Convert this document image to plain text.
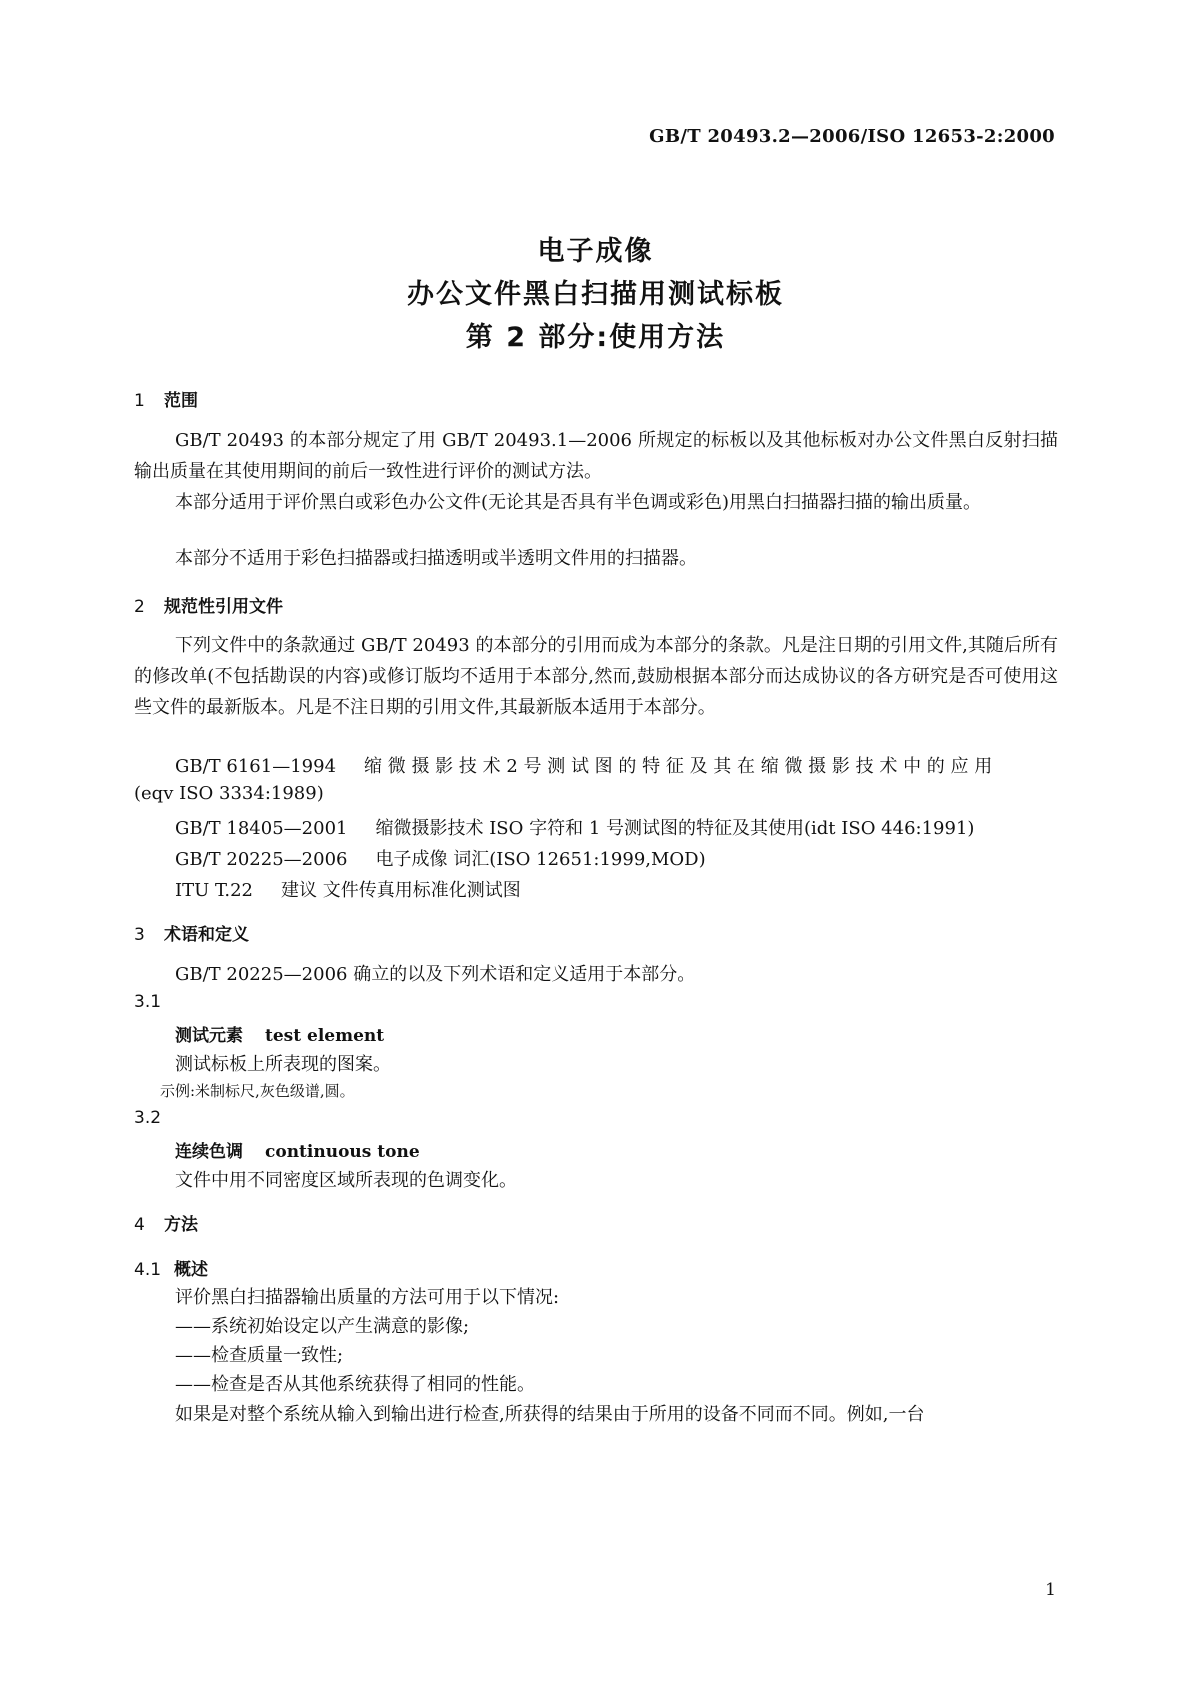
GB/T 20493.2—2006/ISO 12653-2:2000
电子成像
办公文件黑白扫描用测试标板
第 2 部分:使用方法
1 范围
GB/T 20493 的本部分规定了用 GB/T 20493.1—2006 所规定的标板以及其他标板对办公文件黑白反射扫描输出质量在其使用期间的前后一致性进行评价的测试方法。
本部分适用于评价黑白或彩色办公文件(无论其是否具有半色调或彩色)用黑白扫描器扫描的输出质量。
本部分不适用于彩色扫描器或扫描透明或半透明文件用的扫描器。
2 规范性引用文件
下列文件中的条款通过 GB/T 20493 的本部分的引用而成为本部分的条款。凡是注日期的引用文件,其随后所有的修改单(不包括勘误的内容)或修订版均不适用于本部分,然而,鼓励根据本部分而达成协议的各方研究是否可使用这些文件的最新版本。凡是不注日期的引用文件,其最新版本适用于本部分。
GB/T 6161—1994 缩 微 摄 影 技 术 2 号 测 试 图 的 特 征 及 其 在 缩 微 摄 影 技 术 中 的 应 用
(eqv ISO 3334:1989)
GB/T 18405—2001 缩微摄影技术 ISO 字符和 1 号测试图的特征及其使用(idt ISO 446:1991)
GB/T 20225—2006 电子成像 词汇(ISO 12651:1999,MOD)
ITU T.22 建议 文件传真用标准化测试图
3 术语和定义
GB/T 20225—2006 确立的以及下列术语和定义适用于本部分。
3.1
测试元素 test element
测试标板上所表现的图案。
示例:米制标尺,灰色级谱,圆。
3.2
连续色调 continuous tone
文件中用不同密度区域所表现的色调变化。
4 方法
4.1 概述
评价黑白扫描器输出质量的方法可用于以下情况:
——系统初始设定以产生满意的影像;
——检查质量一致性;
——检查是否从其他系统获得了相同的性能。
如果是对整个系统从输入到输出进行检查,所获得的结果由于所用的设备不同而不同。例如,一台
1
